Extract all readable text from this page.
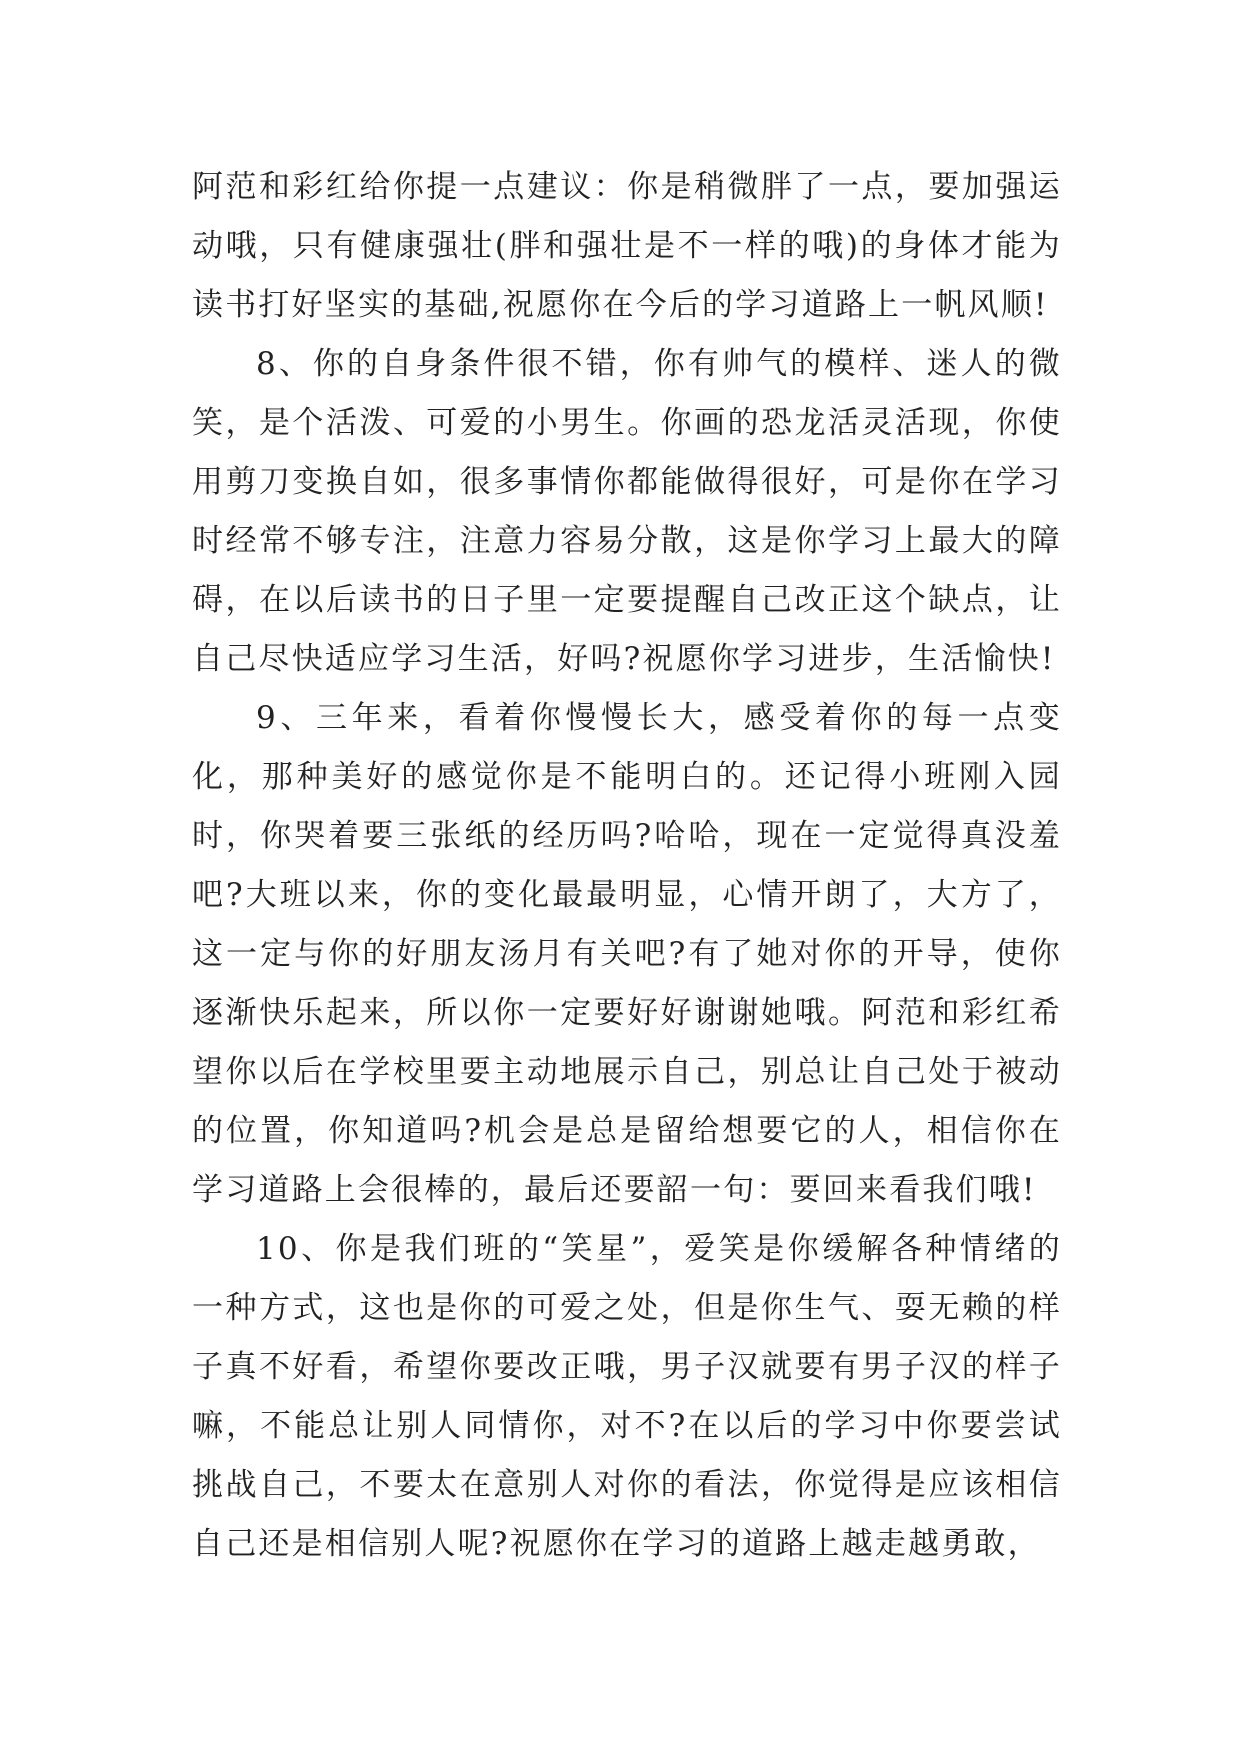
阿范和彩红给你提一点建议：你是稍微胖了一点，要加强运动哦，只有健康强壮(胖和强壮是不一样的哦)的身体才能为读书打好坚实的基础,祝愿你在今后的学习道路上一帆风顺!

8、你的自身条件很不错，你有帅气的模样、迷人的微笑，是个活泼、可爱的小男生。你画的恐龙活灵活现，你使用剪刀变换自如，很多事情你都能做得很好，可是你在学习时经常不够专注，注意力容易分散，这是你学习上最大的障碍，在以后读书的日子里一定要提醒自己改正这个缺点，让自己尽快适应学习生活，好吗?祝愿你学习进步，生活愉快!

9、三年来，看着你慢慢长大，感受着你的每一点变化，那种美好的感觉你是不能明白的。还记得小班刚入园时，你哭着要三张纸的经历吗?哈哈，现在一定觉得真没羞吧?大班以来，你的变化最最明显，心情开朗了，大方了，这一定与你的好朋友汤月有关吧?有了她对你的开导，使你逐渐快乐起来，所以你一定要好好谢谢她哦。阿范和彩红希望你以后在学校里要主动地展示自己，别总让自己处于被动的位置，你知道吗?机会是总是留给想要它的人，相信你在学习道路上会很棒的，最后还要韶一句：要回来看我们哦!

10、你是我们班的“笑星”，爱笑是你缓解各种情绪的一种方式，这也是你的可爱之处，但是你生气、耍无赖的样子真不好看，希望你要改正哦，男子汉就要有男子汉的样子嘛，不能总让别人同情你，对不?在以后的学习中你要尝试挑战自己，不要太在意别人对你的看法，你觉得是应该相信自己还是相信别人呢?祝愿你在学习的道路上越走越勇敢，
